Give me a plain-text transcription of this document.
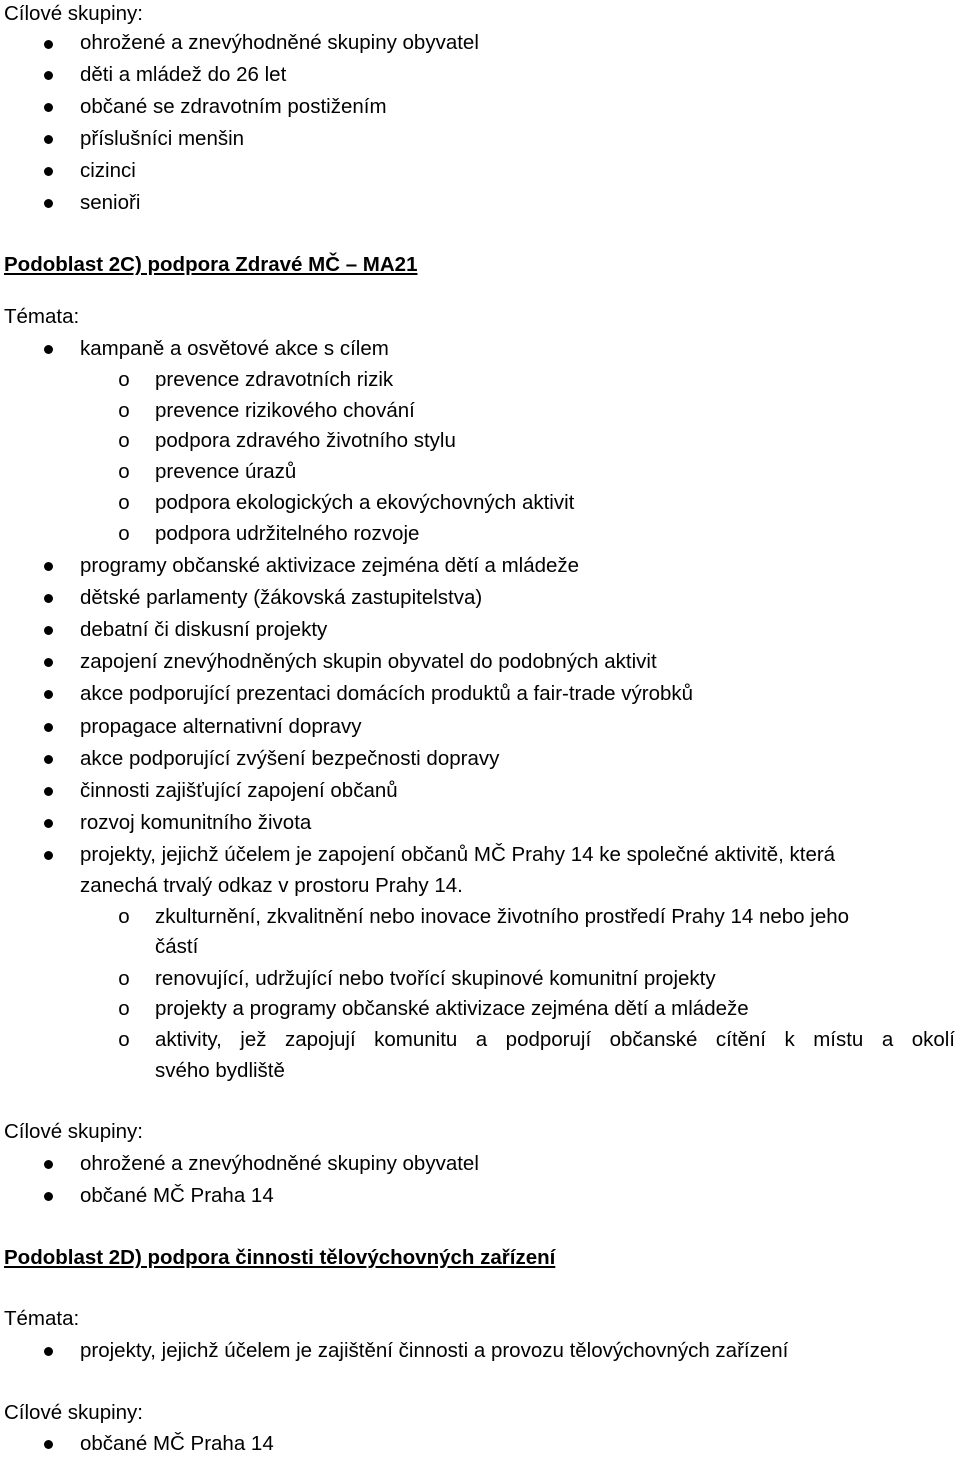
Cílové skupiny:
ohrožené a znevýhodněné skupiny obyvatel
děti a mládež do 26 let
občané se zdravotním postižením
příslušníci menšin
cizinci
senioři
Podoblast 2C) podpora Zdravé MČ – MA21
Témata:
kampaně a osvětové akce s cílem
o prevence zdravotních rizik
o prevence rizikového chování
o podpora zdravého životního stylu
o prevence úrazů
o podpora ekologických a ekovýchovných aktivit
o podpora udržitelného rozvoje
programy občanské aktivizace zejména dětí a mládeže
dětské parlamenty (žákovská zastupitelstva)
debatní či diskusní projekty
zapojení znevýhodněných skupin obyvatel do podobných aktivit
akce podporující prezentaci domácích produktů a fair-trade výrobků
propagace alternativní dopravy
akce podporující zvýšení bezpečnosti dopravy
činnosti zajišťující zapojení občanů
rozvoj komunitního života
projekty, jejichž účelem je zapojení občanů MČ Prahy 14 ke společné aktivitě, která
zanechá trvalý odkaz v prostoru Prahy 14.
o zkulturnění, zkvalitnění nebo inovace životního prostředí Prahy 14 nebo jeho
částí
o renovující, udržující nebo tvořící skupinové komunitní projekty
o projekty a programy občanské aktivizace zejména dětí a mládeže
o aktivity, jež zapojují komunitu a podporují občanské cítění k místu a okolí
svého bydliště
Cílové skupiny:
ohrožené a znevýhodněné skupiny obyvatel
občané MČ Praha 14
Podoblast 2D) podpora činnosti tělovýchovných zařízení
Témata:
projekty, jejichž účelem je zajištění činnosti a provozu tělovýchovných zařízení
Cílové skupiny:
občané MČ Praha 14
